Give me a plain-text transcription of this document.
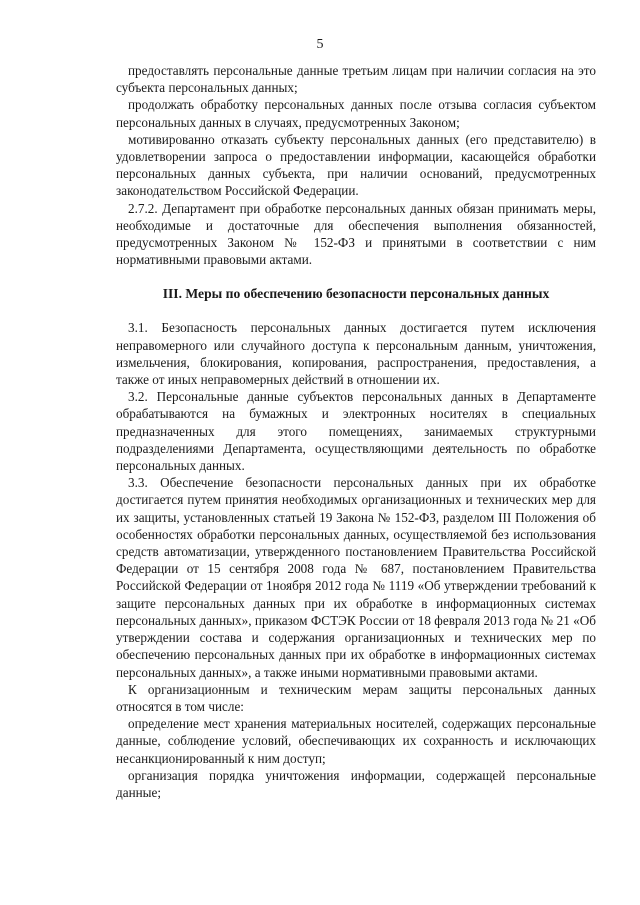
5

предоставлять персональные данные третьим лицам при наличии согласия на это субъекта персональных данных;

продолжать обработку персональных данных после отзыва согласия субъектом персональных данных в случаях, предусмотренных Законом;

мотивированно отказать субъекту персональных данных (его представителю) в удовлетворении запроса о предоставлении информации, касающейся обработки персональных данных субъекта, при наличии оснований, предусмотренных законодательством Российской Федерации.

2.7.2. Департамент при обработке персональных данных обязан принимать меры, необходимые и достаточные для обеспечения выполнения обязанностей, предусмотренных Законом № 152-ФЗ и принятыми в соответствии с ним нормативными правовыми актами.

III. Меры по обеспечению безопасности персональных данных

3.1. Безопасность персональных данных достигается путем исключения неправомерного или случайного доступа к персональным данным, уничтожения, измельчения, блокирования, копирования, распространения, предоставления, а также от иных неправомерных действий в отношении их.

3.2. Персональные данные субъектов персональных данных в Департаменте обрабатываются на бумажных и электронных носителях в специальных предназначенных для этого помещениях, занимаемых структурными подразделениями Департамента, осуществляющими деятельность по обработке персональных данных.

3.3. Обеспечение безопасности персональных данных при их обработке достигается путем принятия необходимых организационных и технических мер для их защиты, установленных статьей 19 Закона № 152-ФЗ, разделом III Положения об особенностях обработки персональных данных, осуществляемой без использования средств автоматизации, утвержденного постановлением Правительства Российской Федерации от 15 сентября 2008 года № 687, постановлением Правительства Российской Федерации от 1ноября 2012 года № 1119 «Об утверждении требований к защите персональных данных при их обработке в информационных системах персональных данных», приказом ФСТЭК России от 18 февраля 2013 года № 21 «Об утверждении состава и содержания организационных и технических мер по обеспечению персональных данных при их обработке в информационных системах персональных данных», а также иными нормативными правовыми актами.

К организационным и техническим мерам защиты персональных данных относятся в том числе:

определение мест хранения материальных носителей, содержащих персональные данные, соблюдение условий, обеспечивающих их сохранность и исключающих несанкционированный к ним доступ;

организация порядка уничтожения информации, содержащей персональные данные;
